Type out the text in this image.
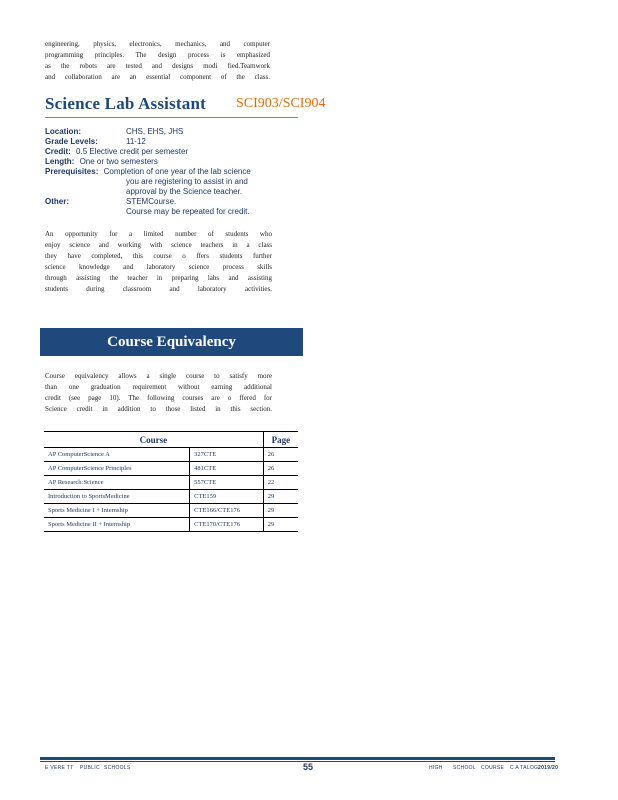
engineering, physics, electronics, mechanics, and computer
programming principles. The design process is emphasized
as the robots are tested and designs modi fied.Teamwork
and collaboration are an essential component of the class.
Science Lab Assistant SCI903/SCI904
Location:	CHS, EHS, JHS
Grade Levels:	11-12
Credit: 0.5 Elective credit per semester
Length: One or two semesters
Prerequisites: Completion of one year of the lab science
you are registering to assist in and
approval by the Science teacher.
Other:	STEMCourse.
Course may be repeated for credit.
An opportunity for a limited number of students who
enjoy science and working with science teachers in a class
they have completed, this course o ffers students further
science knowledge and laboratory science process skills
through assisting the teacher in preparing labs and assisting
students during classroom and laboratory activities.
Course Equivalency
Course equivalency allows a single course to satisfy more
than one graduation requirement without earning additional
credit (see page 10). The following courses are o ffered for
Science credit in addition to those listed in this section.
Course		Page
AP ComputerScience A	327CTE	26
AP ComputerScience Principles	481CTE	26
AP Research:Science	557CTE	22
Introduction to SportsMedicine	CTE159	29
Sports Medicine I + Internship	CTE166/CTE176	29
Sports Medicine II + Internship	CTE170/CTE176	29
E VERE TT PUBLIC SCHOOLS	55	HIGH SCHOOL COURSE C A TALOG 2019/20
